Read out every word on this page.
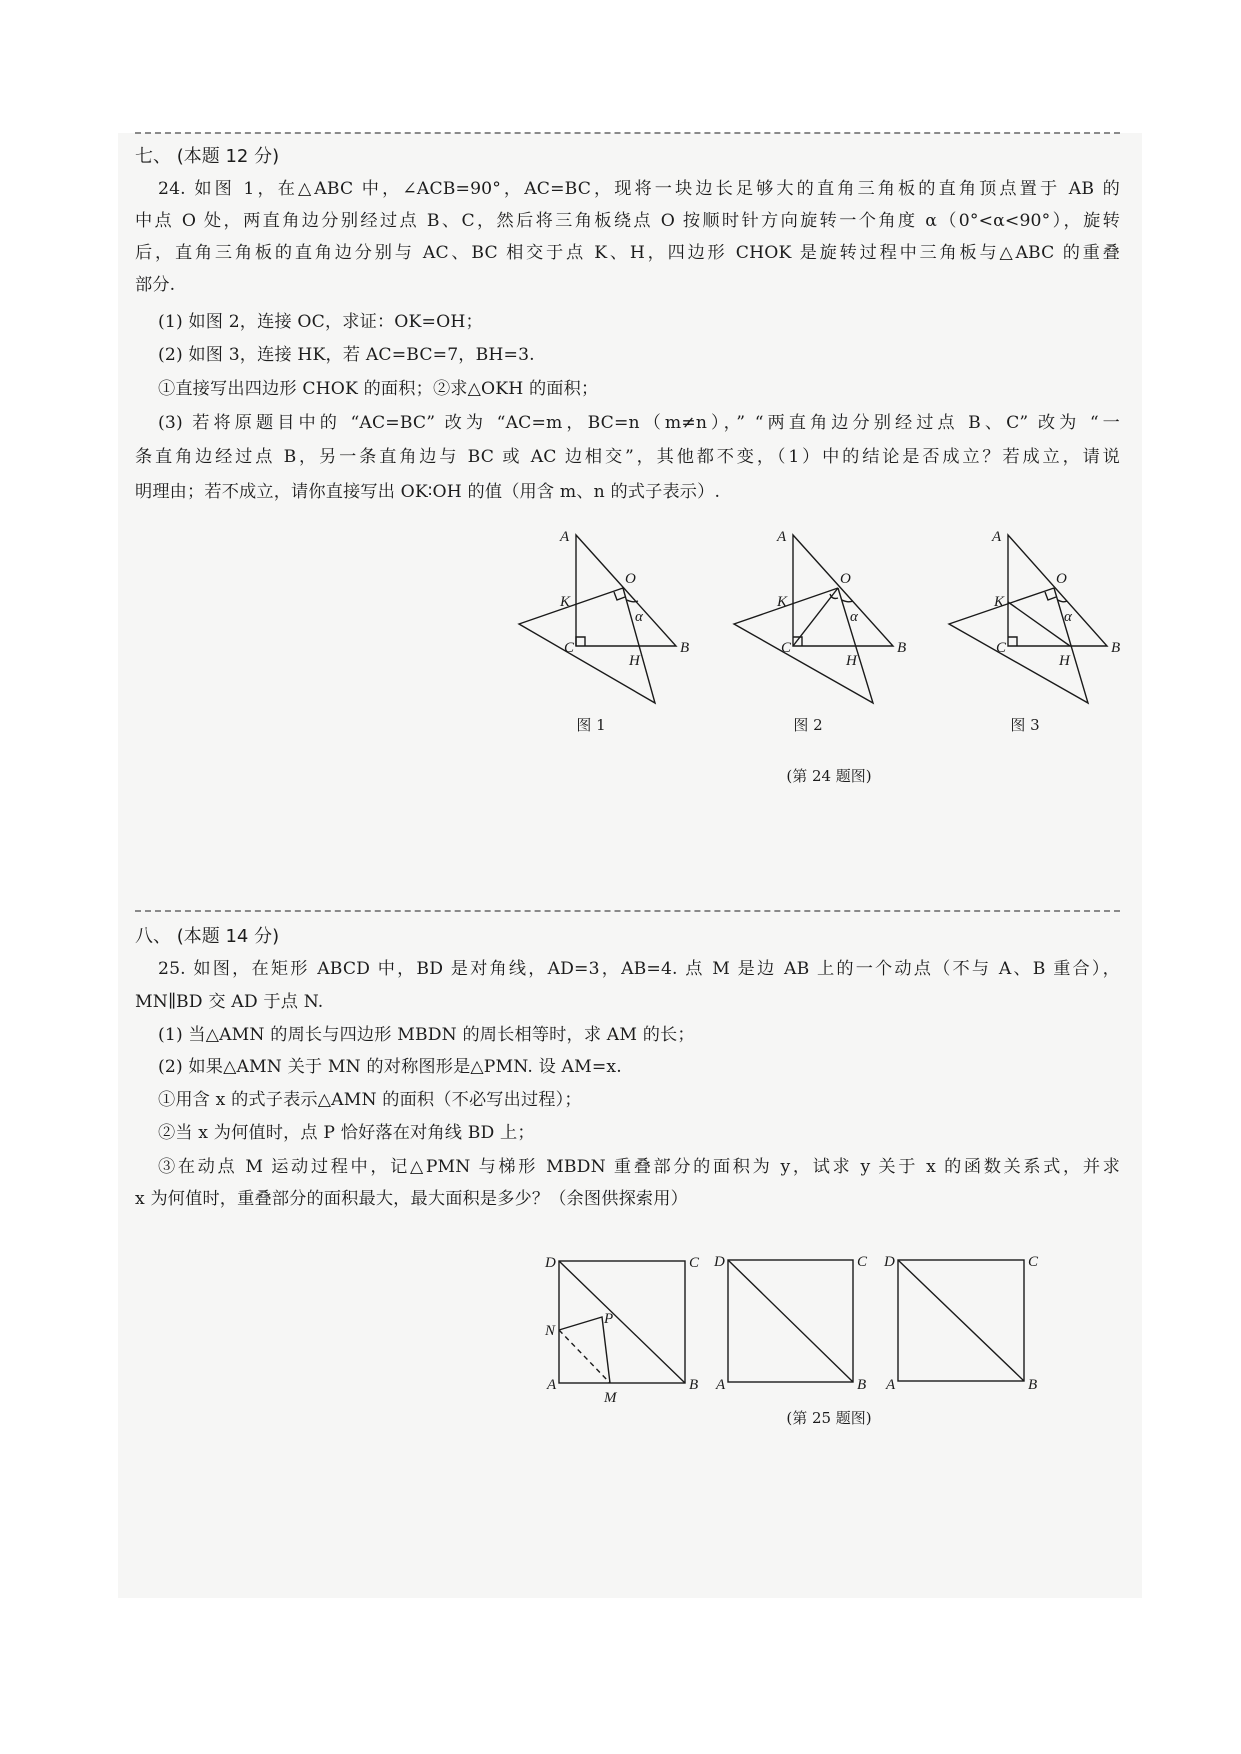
七、 (本题 12 分)
24. 如图 1，在△ABC 中，∠ACB=90°，AC=BC，现将一块边长足够大的直角三角板的直角顶点置于 AB 的
中点 O 处，两直角边分别经过点 B、C，然后将三角板绕点 O 按顺时针方向旋转一个角度 α（0°<α<90°），旋转
后，直角三角板的直角边分别与 AC、BC 相交于点 K、H，四边形 CHOK 是旋转过程中三角板与△ABC 的重叠
部分.
(1) 如图 2，连接 OC，求证：OK=OH；
(2) 如图 3，连接 HK，若 AC=BC=7，BH=3.
①直接写出四边形 CHOK 的面积；②求△OKH 的面积；
(3) 若将原题目中的 “AC=BC” 改为 “AC=m，BC=n（m≠n），” “两直角边分别经过点 B、C” 改为 “一
条直角边经过点 B，另一条直角边与 BC 或 AC 边相交”，其他都不变，（1）中的结论是否成立？若成立，请说
明理由；若不成立，请你直接写出 OK∶OH 的值（用含 m、n 的式子表示）.
A
O
K
C	B
H
α
A
O
K
C	B
H
α
A
O
K
C	B
H
α
图 1	图 2	图 3
(第 24 题图)
八、 (本题 14 分)
25. 如图，在矩形 ABCD 中，BD 是对角线，AD=3，AB=4. 点 M 是边 AB 上的一个动点（不与 A、B 重合），
MN∥BD 交 AD 于点 N.
(1) 当△AMN 的周长与四边形 MBDN 的周长相等时，求 AM 的长；
(2) 如果△AMN 关于 MN 的对称图形是△PMN. 设 AM=x.
①用含 x 的式子表示△AMN 的面积（不必写出过程）；
②当 x 为何值时，点 P 恰好落在对角线 BD 上；
③在动点 M 运动过程中，记△PMN 与梯形 MBDN 重叠部分的面积为 y，试求 y 关于 x 的函数关系式，并求
x 为何值时，重叠部分的面积最大，最大面积是多少？（余图供探索用）
D	C
A	B
N
P
M
D	C
A	B
D	C
A	B
(第 25 题图)
